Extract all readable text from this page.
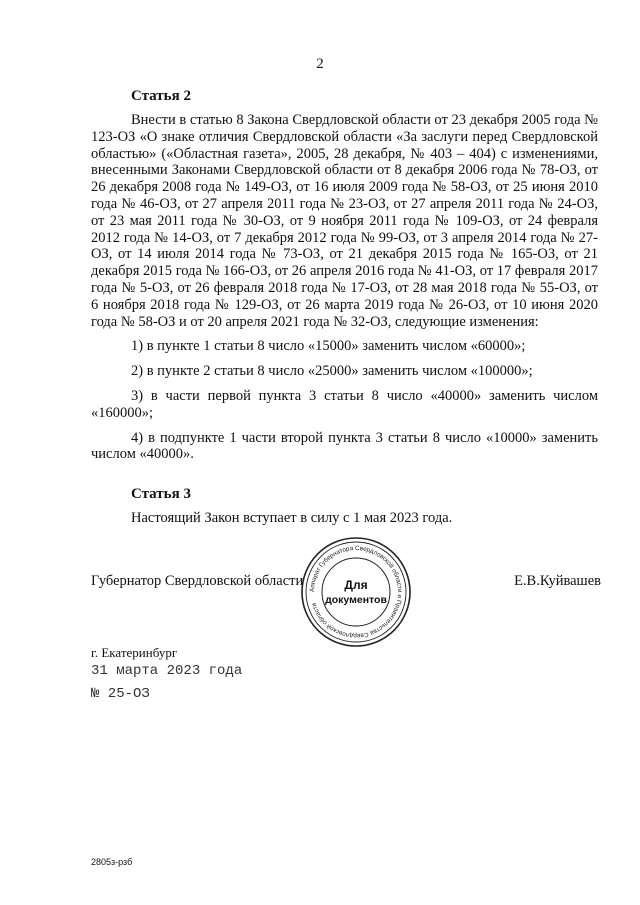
2
Статья 2

Внести в статью 8 Закона Свердловской области от 23 декабря 2005 года № 123-ОЗ «О знаке отличия Свердловской области «За заслуги перед Свердловской областью» («Областная газета», 2005, 28 декабря, № 403 – 404) с изменениями, внесенными Законами Свердловской области от 8 декабря 2006 года № 78-ОЗ, от 26 декабря 2008 года № 149-ОЗ, от 16 июля 2009 года № 58-ОЗ, от 25 июня 2010 года № 46-ОЗ, от 27 апреля 2011 года № 23-ОЗ, от 27 апреля 2011 года № 24-ОЗ, от 23 мая 2011 года № 30-ОЗ, от 9 ноября 2011 года № 109-ОЗ, от 24 февраля 2012 года № 14-ОЗ, от 7 декабря 2012 года № 99-ОЗ, от 3 апреля 2014 года № 27-ОЗ, от 14 июля 2014 года № 73-ОЗ, от 21 декабря 2015 года № 165-ОЗ, от 21 декабря 2015 года № 166-ОЗ, от 26 апреля 2016 года № 41-ОЗ, от 17 февраля 2017 года № 5-ОЗ, от 26 февраля 2018 года № 17-ОЗ, от 28 мая 2018 года № 55-ОЗ, от 6 ноября 2018 года № 129-ОЗ, от 26 марта 2019 года № 26-ОЗ, от 10 июня 2020 года № 58-ОЗ и от 20 апреля 2021 года № 32-ОЗ, следующие изменения:

1) в пункте 1 статьи 8 число «15000» заменить числом «60000»;

2) в пункте 2 статьи 8 число «25000» заменить числом «100000»;

3) в части первой пункта 3 статьи 8 число «40000» заменить числом «160000»;

4) в подпункте 1 части второй пункта 3 статьи 8 число «10000» заменить числом «40000».

Статья 3

Настоящий Закон вступает в силу с 1 мая 2023 года.

Губернатор Свердловской области	Е.В.Куйвашев
Аппарат Губернатора Свердловской области и Правительства Свердловской области
Для
документов
г. Екатеринбург
31 марта 2023 года
№ 25-ОЗ
2805з-рзб
